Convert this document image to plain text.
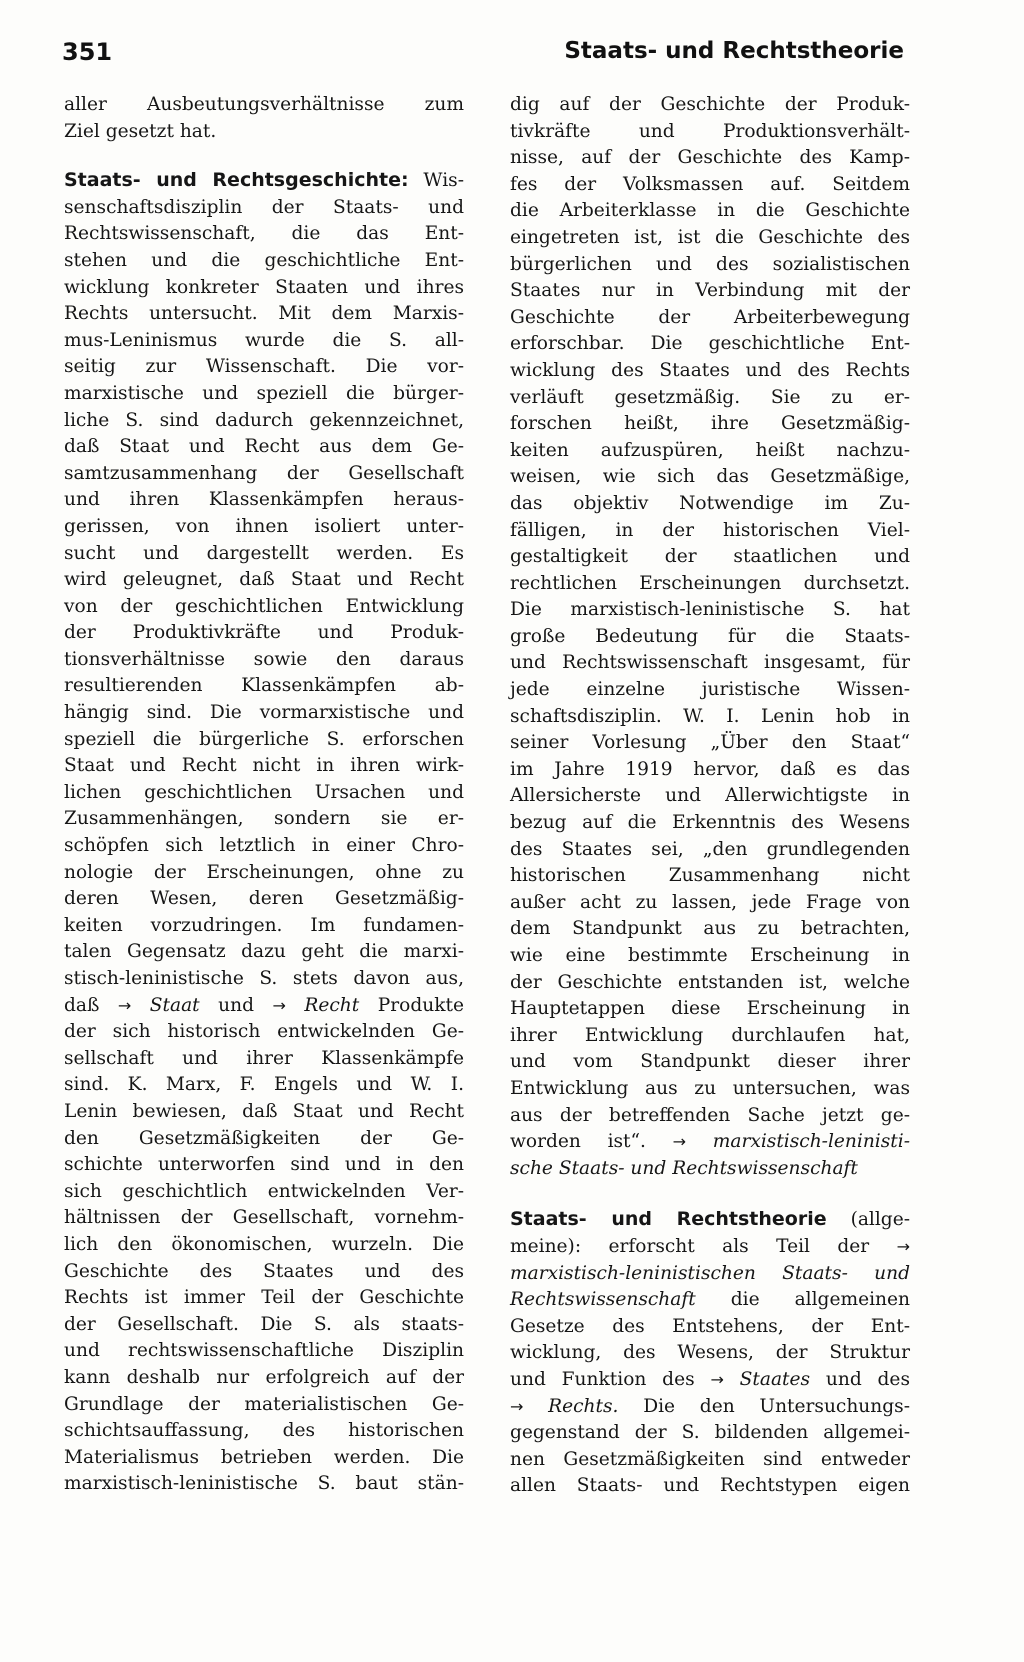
351	Staats- und Rechtstheorie
aller Ausbeutungsverhältnisse zum
Ziel gesetzt hat.
Staats- und Rechtsgeschichte: Wis-
senschaftsdisziplin der Staats- und
Rechtswissenschaft, die das Ent-
stehen und die geschichtliche Ent-
wicklung konkreter Staaten und ihres
Rechts untersucht. Mit dem Marxis-
mus-Leninismus wurde die S. all-
seitig zur Wissenschaft. Die vor-
marxistische und speziell die bürger-
liche S. sind dadurch gekennzeichnet,
daß Staat und Recht aus dem Ge-
samtzusammenhang der Gesellschaft
und ihren Klassenkämpfen heraus-
gerissen, von ihnen isoliert unter-
sucht und dargestellt werden. Es
wird geleugnet, daß Staat und Recht
von der geschichtlichen Entwicklung
der Produktivkräfte und Produk-
tionsverhältnisse sowie den daraus
resultierenden Klassenkämpfen ab-
hängig sind. Die vormarxistische und
speziell die bürgerliche S. erforschen
Staat und Recht nicht in ihren wirk-
lichen geschichtlichen Ursachen und
Zusammenhängen, sondern sie er-
schöpfen sich letztlich in einer Chro-
nologie der Erscheinungen, ohne zu
deren Wesen, deren Gesetzmäßig-
keiten vorzudringen. Im fundamen-
talen Gegensatz dazu geht die marxi-
stisch-leninistische S. stets davon aus,
daß → Staat und → Recht Produkte
der sich historisch entwickelnden Ge-
sellschaft und ihrer Klassenkämpfe
sind. K. Marx, F. Engels und W. I.
Lenin bewiesen, daß Staat und Recht
den Gesetzmäßigkeiten der Ge-
schichte unterworfen sind und in den
sich geschichtlich entwickelnden Ver-
hältnissen der Gesellschaft, vornehm-
lich den ökonomischen, wurzeln. Die
Geschichte des Staates und des
Rechts ist immer Teil der Geschichte
der Gesellschaft. Die S. als staats-
und rechtswissenschaftliche Disziplin
kann deshalb nur erfolgreich auf der
Grundlage der materialistischen Ge-
schichtsauffassung, des historischen
Materialismus betrieben werden. Die
marxistisch-leninistische S. baut stän-
dig auf der Geschichte der Produk-
tivkräfte und Produktionsverhält-
nisse, auf der Geschichte des Kamp-
fes der Volksmassen auf. Seitdem
die Arbeiterklasse in die Geschichte
eingetreten ist, ist die Geschichte des
bürgerlichen und des sozialistischen
Staates nur in Verbindung mit der
Geschichte der Arbeiterbewegung
erforschbar. Die geschichtliche Ent-
wicklung des Staates und des Rechts
verläuft gesetzmäßig. Sie zu er-
forschen heißt, ihre Gesetzmäßig-
keiten aufzuspüren, heißt nachzu-
weisen, wie sich das Gesetzmäßige,
das objektiv Notwendige im Zu-
fälligen, in der historischen Viel-
gestaltigkeit der staatlichen und
rechtlichen Erscheinungen durchsetzt.
Die marxistisch-leninistische S. hat
große Bedeutung für die Staats-
und Rechtswissenschaft insgesamt, für
jede einzelne juristische Wissen-
schaftsdisziplin. W. I. Lenin hob in
seiner Vorlesung „Über den Staat“
im Jahre 1919 hervor, daß es das
Allersicherste und Allerwichtigste in
bezug auf die Erkenntnis des Wesens
des Staates sei, „den grundlegenden
historischen Zusammenhang nicht
außer acht zu lassen, jede Frage von
dem Standpunkt aus zu betrachten,
wie eine bestimmte Erscheinung in
der Geschichte entstanden ist, welche
Hauptetappen diese Erscheinung in
ihrer Entwicklung durchlaufen hat,
und vom Standpunkt dieser ihrer
Entwicklung aus zu untersuchen, was
aus der betreffenden Sache jetzt ge-
worden ist“. → marxistisch-leninisti-
sche Staats- und Rechtswissenschaft
Staats- und Rechtstheorie (allge-
meine): erforscht als Teil der →
marxistisch-leninistischen Staats- und
Rechtswissenschaft die allgemeinen
Gesetze des Entstehens, der Ent-
wicklung, des Wesens, der Struktur
und Funktion des → Staates und des
→ Rechts. Die den Untersuchungs-
gegenstand der S. bildenden allgemei-
nen Gesetzmäßigkeiten sind entweder
allen Staats- und Rechtstypen eigen
